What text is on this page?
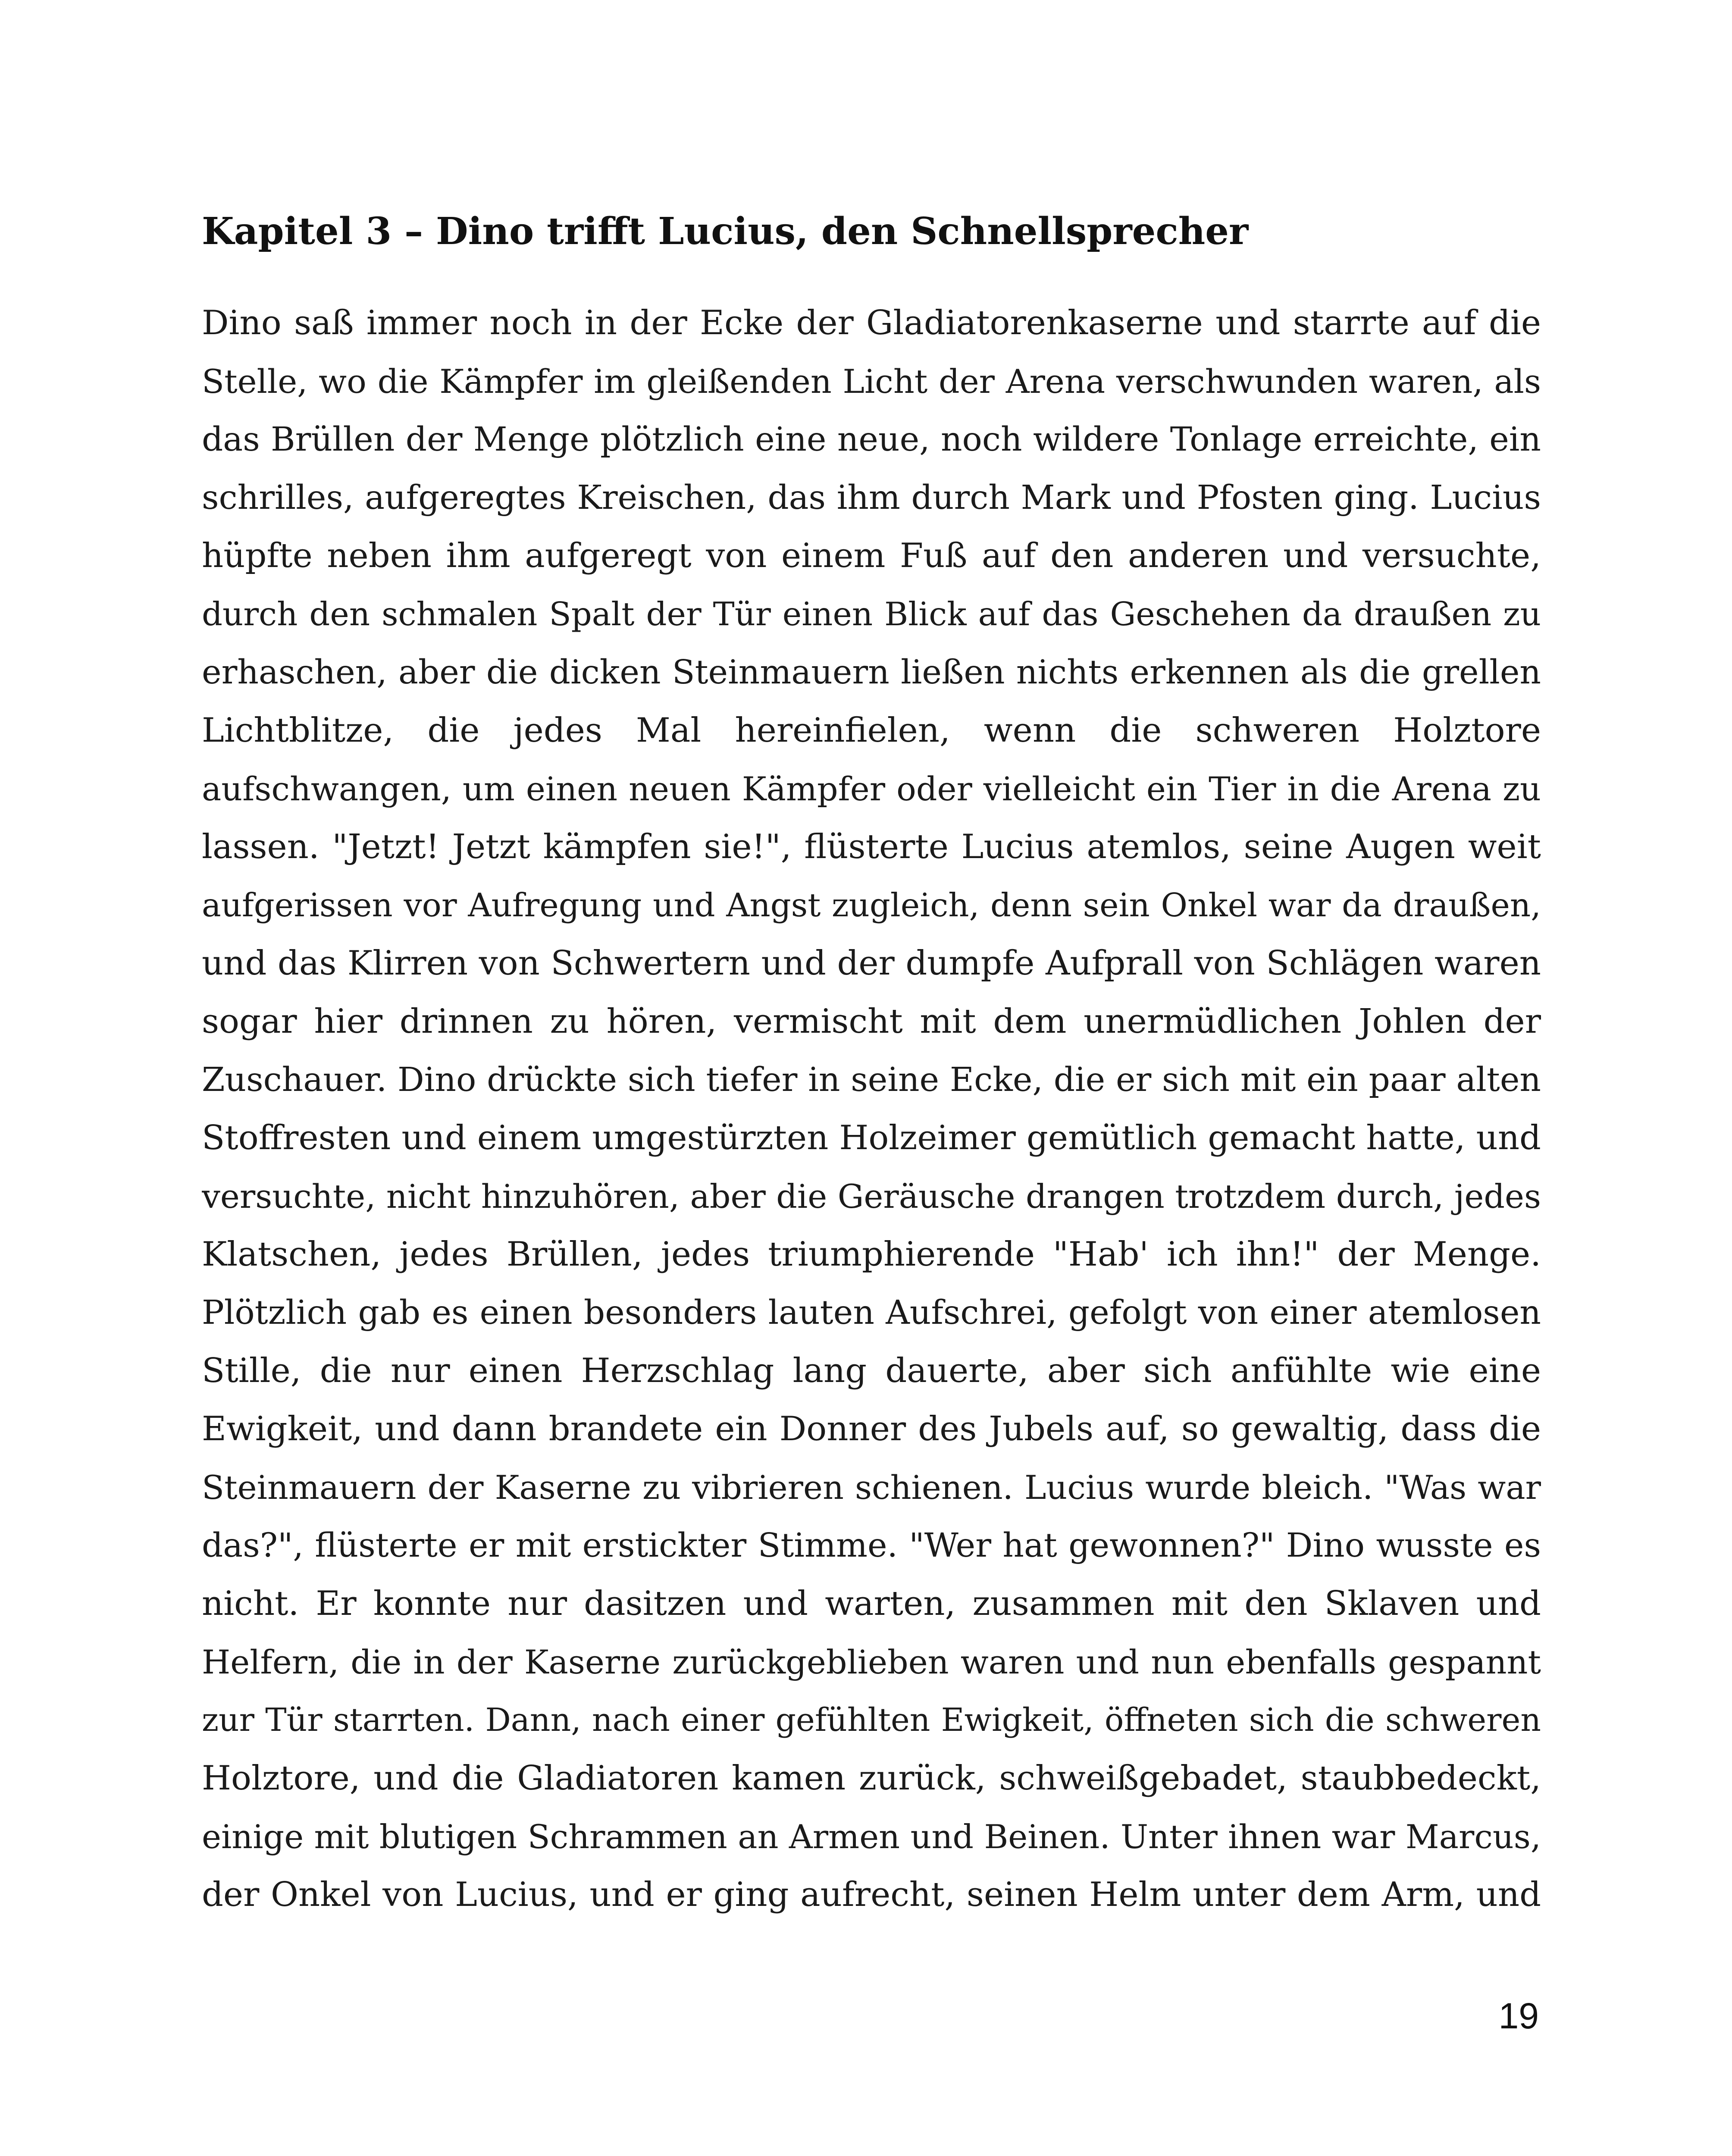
Kapitel 3 – Dino trifft Lucius, den Schnellsprecher
Dino saß immer noch in der Ecke der Gladiatorenkaserne und starrte auf die
Stelle, wo die Kämpfer im gleißenden Licht der Arena verschwunden waren, als
das Brüllen der Menge plötzlich eine neue, noch wildere Tonlage erreichte, ein
schrilles, aufgeregtes Kreischen, das ihm durch Mark und Pfosten ging. Lucius
hüpfte neben ihm aufgeregt von einem Fuß auf den anderen und versuchte,
durch den schmalen Spalt der Tür einen Blick auf das Geschehen da draußen zu
erhaschen, aber die dicken Steinmauern ließen nichts erkennen als die grellen
Lichtblitze, die jedes Mal hereinfielen, wenn die schweren Holztore
aufschwangen, um einen neuen Kämpfer oder vielleicht ein Tier in die Arena zu
lassen. "Jetzt! Jetzt kämpfen sie!", flüsterte Lucius atemlos, seine Augen weit
aufgerissen vor Aufregung und Angst zugleich, denn sein Onkel war da draußen,
und das Klirren von Schwertern und der dumpfe Aufprall von Schlägen waren
sogar hier drinnen zu hören, vermischt mit dem unermüdlichen Johlen der
Zuschauer. Dino drückte sich tiefer in seine Ecke, die er sich mit ein paar alten
Stoffresten und einem umgestürzten Holzeimer gemütlich gemacht hatte, und
versuchte, nicht hinzuhören, aber die Geräusche drangen trotzdem durch, jedes
Klatschen, jedes Brüllen, jedes triumphierende "Hab' ich ihn!" der Menge.
Plötzlich gab es einen besonders lauten Aufschrei, gefolgt von einer atemlosen
Stille, die nur einen Herzschlag lang dauerte, aber sich anfühlte wie eine
Ewigkeit, und dann brandete ein Donner des Jubels auf, so gewaltig, dass die
Steinmauern der Kaserne zu vibrieren schienen. Lucius wurde bleich. "Was war
das?", flüsterte er mit erstickter Stimme. "Wer hat gewonnen?" Dino wusste es
nicht. Er konnte nur dasitzen und warten, zusammen mit den Sklaven und
Helfern, die in der Kaserne zurückgeblieben waren und nun ebenfalls gespannt
zur Tür starrten. Dann, nach einer gefühlten Ewigkeit, öffneten sich die schweren
Holztore, und die Gladiatoren kamen zurück, schweißgebadet, staubbedeckt,
einige mit blutigen Schrammen an Armen und Beinen. Unter ihnen war Marcus,
der Onkel von Lucius, und er ging aufrecht, seinen Helm unter dem Arm, und
19
